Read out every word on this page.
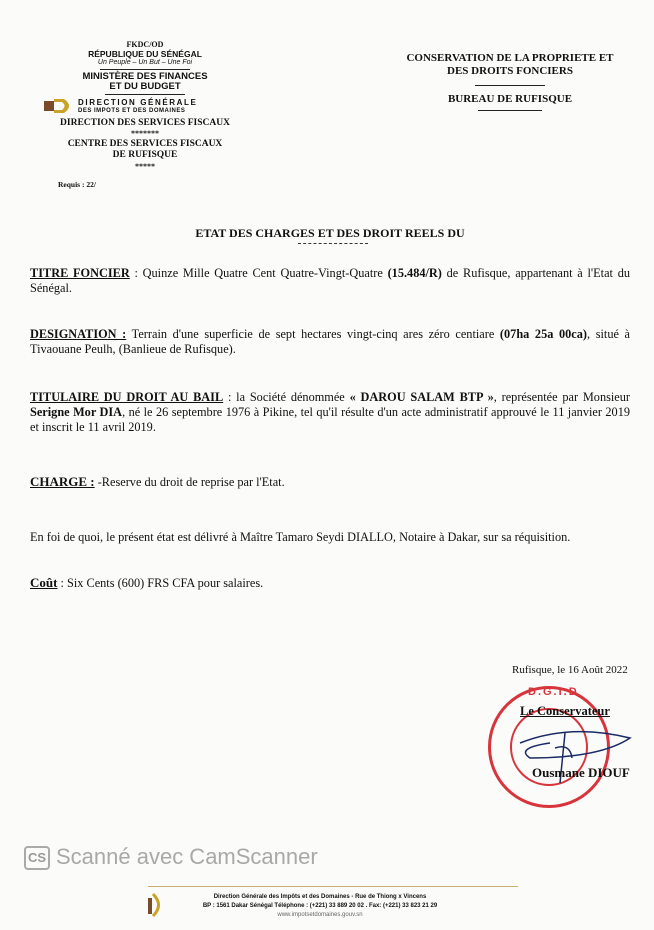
FKDC/OD
RÉPUBLIQUE DU SÉNÉGAL
Un Peuple – Un But – Une Foi
MINISTÈRE DES FINANCES
ET DU BUDGET
DIRECTION GÉNÉRALE
DES IMPOTS ET DES DOMAINES
DIRECTION DES SERVICES FISCAUX
*******
CENTRE DES SERVICES FISCAUX
DE RUFISQUE
*****
Requis : 22/
CONSERVATION DE LA PROPRIETE ET
DES DROITS FONCIERS
BUREAU DE RUFISQUE
ETAT DES CHARGES ET DES DROIT REELS DU
TITRE FONCIER : Quinze Mille Quatre Cent Quatre-Vingt-Quatre (15.484/R) de Rufisque, appartenant à l'Etat du Sénégal.
DESIGNATION : Terrain d'une superficie de sept hectares vingt-cinq ares zéro centiare (07ha 25a 00ca), situé à Tivaouane Peulh, (Banlieue de Rufisque).
TITULAIRE DU DROIT AU BAIL : la Société dénommée « DAROU SALAM BTP », représentée par Monsieur Serigne Mor DIA, né le 26 septembre 1976 à Pikine, tel qu'il résulte d'un acte administratif approuvé le 11 janvier 2019 et inscrit le 11 avril 2019.
CHARGE : -Reserve du droit de reprise par l'Etat.
En foi de quoi, le présent état est délivré à Maître Tamaro Seydi DIALLO, Notaire à Dakar, sur sa réquisition.
Coût : Six Cents (600) FRS CFA pour salaires.
Rufisque, le 16 Août 2022
D.G.I.D
Le Conservateur
Ousmane DIOUF
CS Scanné avec CamScanner
Direction Générale des Impôts et des Domaines - Rue de Thiong x Vincens
BP : 1561 Dakar Sénégal Téléphone : (+221) 33 889 20 02 . Fax: (+221) 33 823 21 29
www.impotsetdomaines.gouv.sn
